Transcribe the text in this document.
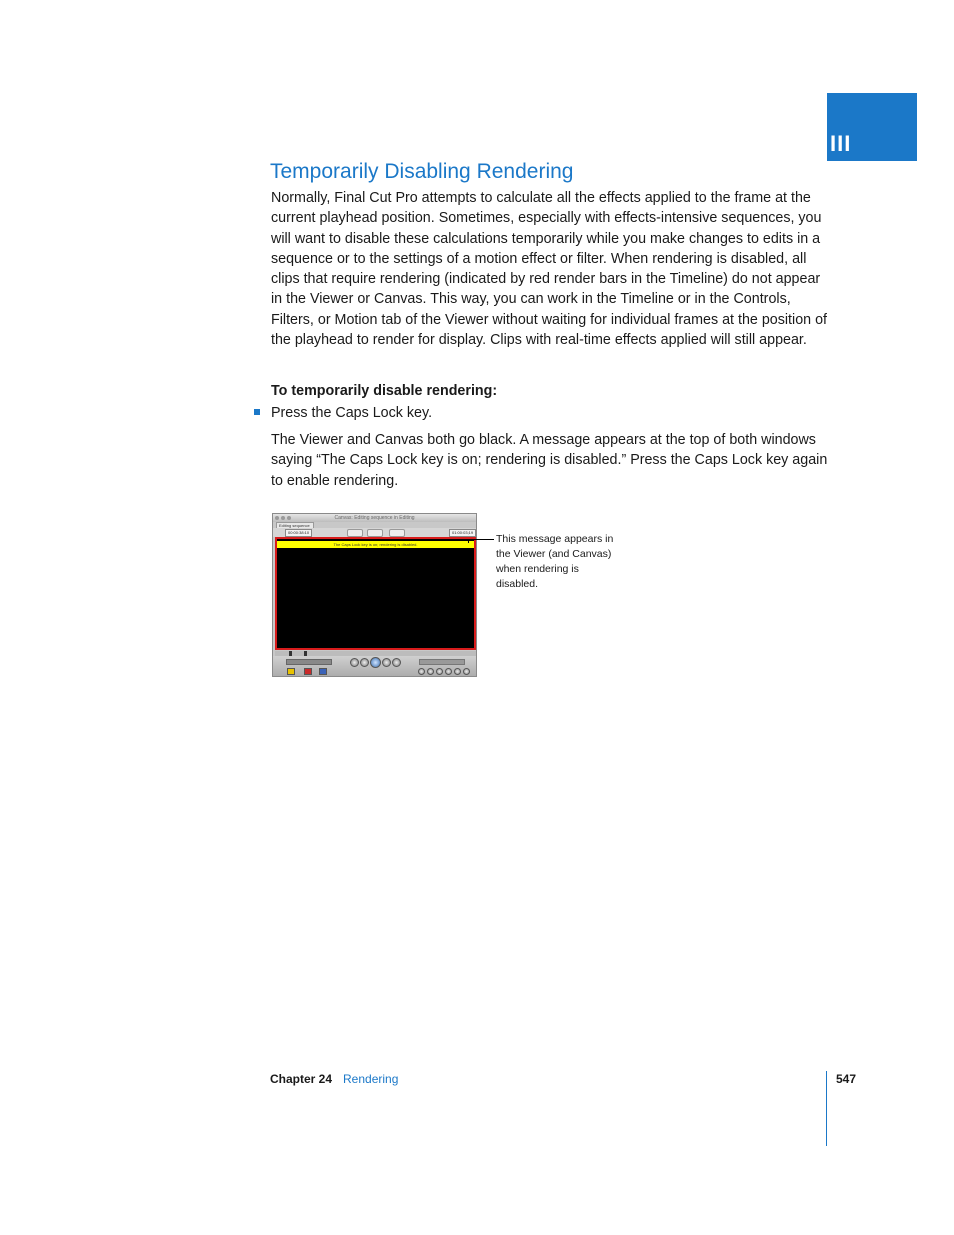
III
Temporarily Disabling Rendering

Normally, Final Cut Pro attempts to calculate all the effects applied to the frame at the current playhead position. Sometimes, especially with effects-intensive sequences, you will want to disable these calculations temporarily while you make changes to edits in a sequence or to the settings of a motion effect or filter. When rendering is disabled, all clips that require rendering (indicated by red render bars in the Timeline) do not appear in the Viewer or Canvas. This way, you can work in the Timeline or in the Controls, Filters, or Motion tab of the Viewer without waiting for individual frames at the position of the playhead to render for display. Clips with real-time effects applied will still appear.

To temporarily disable rendering:

Press the Caps Lock key.

The Viewer and Canvas both go black. A message appears at the top of both windows saying “The Caps Lock key is on; rendering is disabled.” Press the Caps Lock key again to enable rendering.

Canvas: Editing sequence in Editing
Editing sequence
00:00:38:10	01:00:03;19
The Caps Lock key is on; rendering is disabled.	This message appears in the Viewer (and Canvas) when rendering is disabled.

Chapter 24 Rendering	547
